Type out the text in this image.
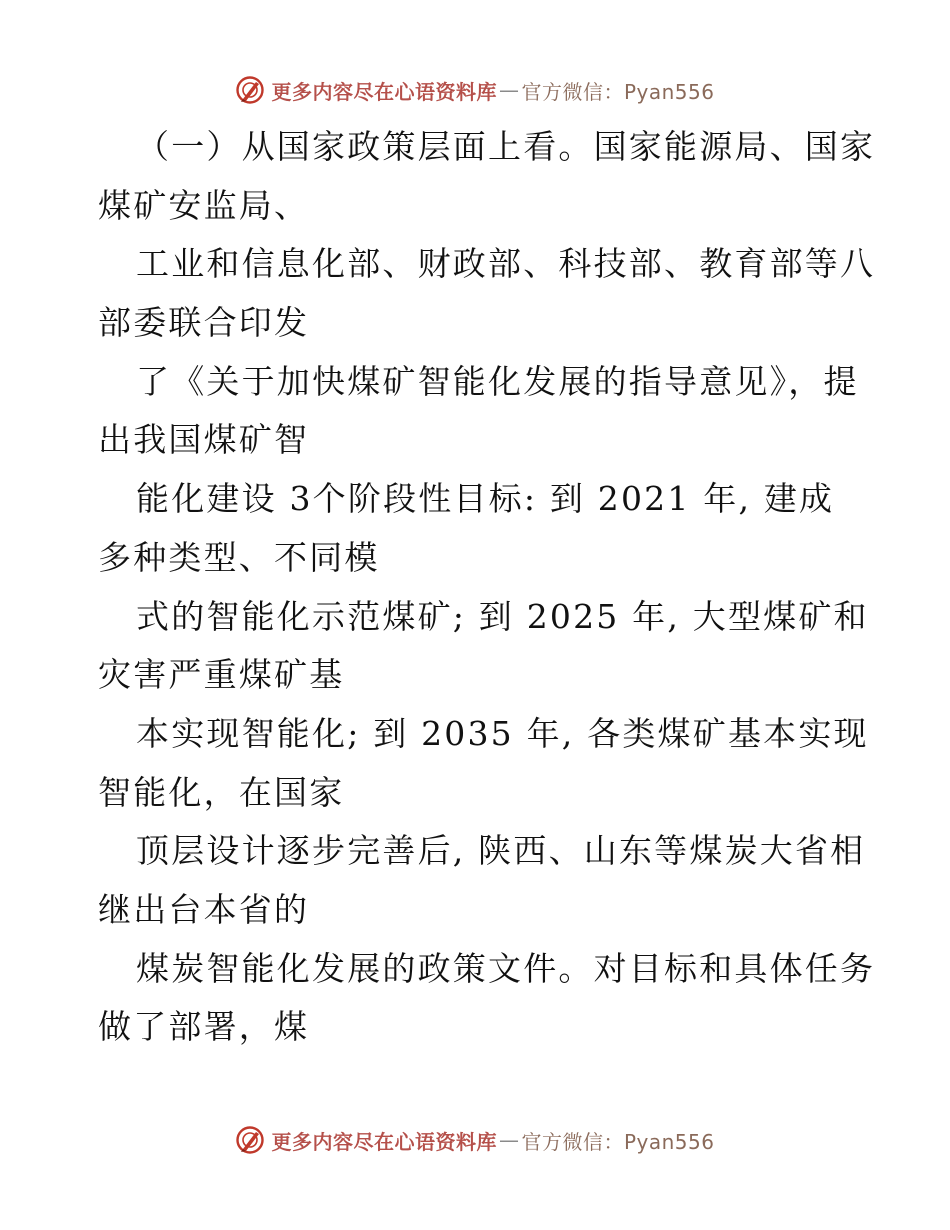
更多内容尽在心语资料库 — 官方微信：Pyan556
（一）从国家政策层面上看。国家能源局、国家
煤矿安监局、
工业和信息化部、财政部、科技部、教育部等八
部委联合印发
了《关于加快煤矿智能化发展的指导意见》，提
出我国煤矿智
能化建设 3个阶段性目标: 到 2021 年, 建成
多种类型、不同模
式的智能化示范煤矿; 到 2025 年, 大型煤矿和
灾害严重煤矿基
本实现智能化; 到 2035 年, 各类煤矿基本实现
智能化，在国家
顶层设计逐步完善后, 陕西、山东等煤炭大省相
继出台本省的
煤炭智能化发展的政策文件。对目标和具体任务
做了部署，煤
更多内容尽在心语资料库 — 官方微信：Pyan556
